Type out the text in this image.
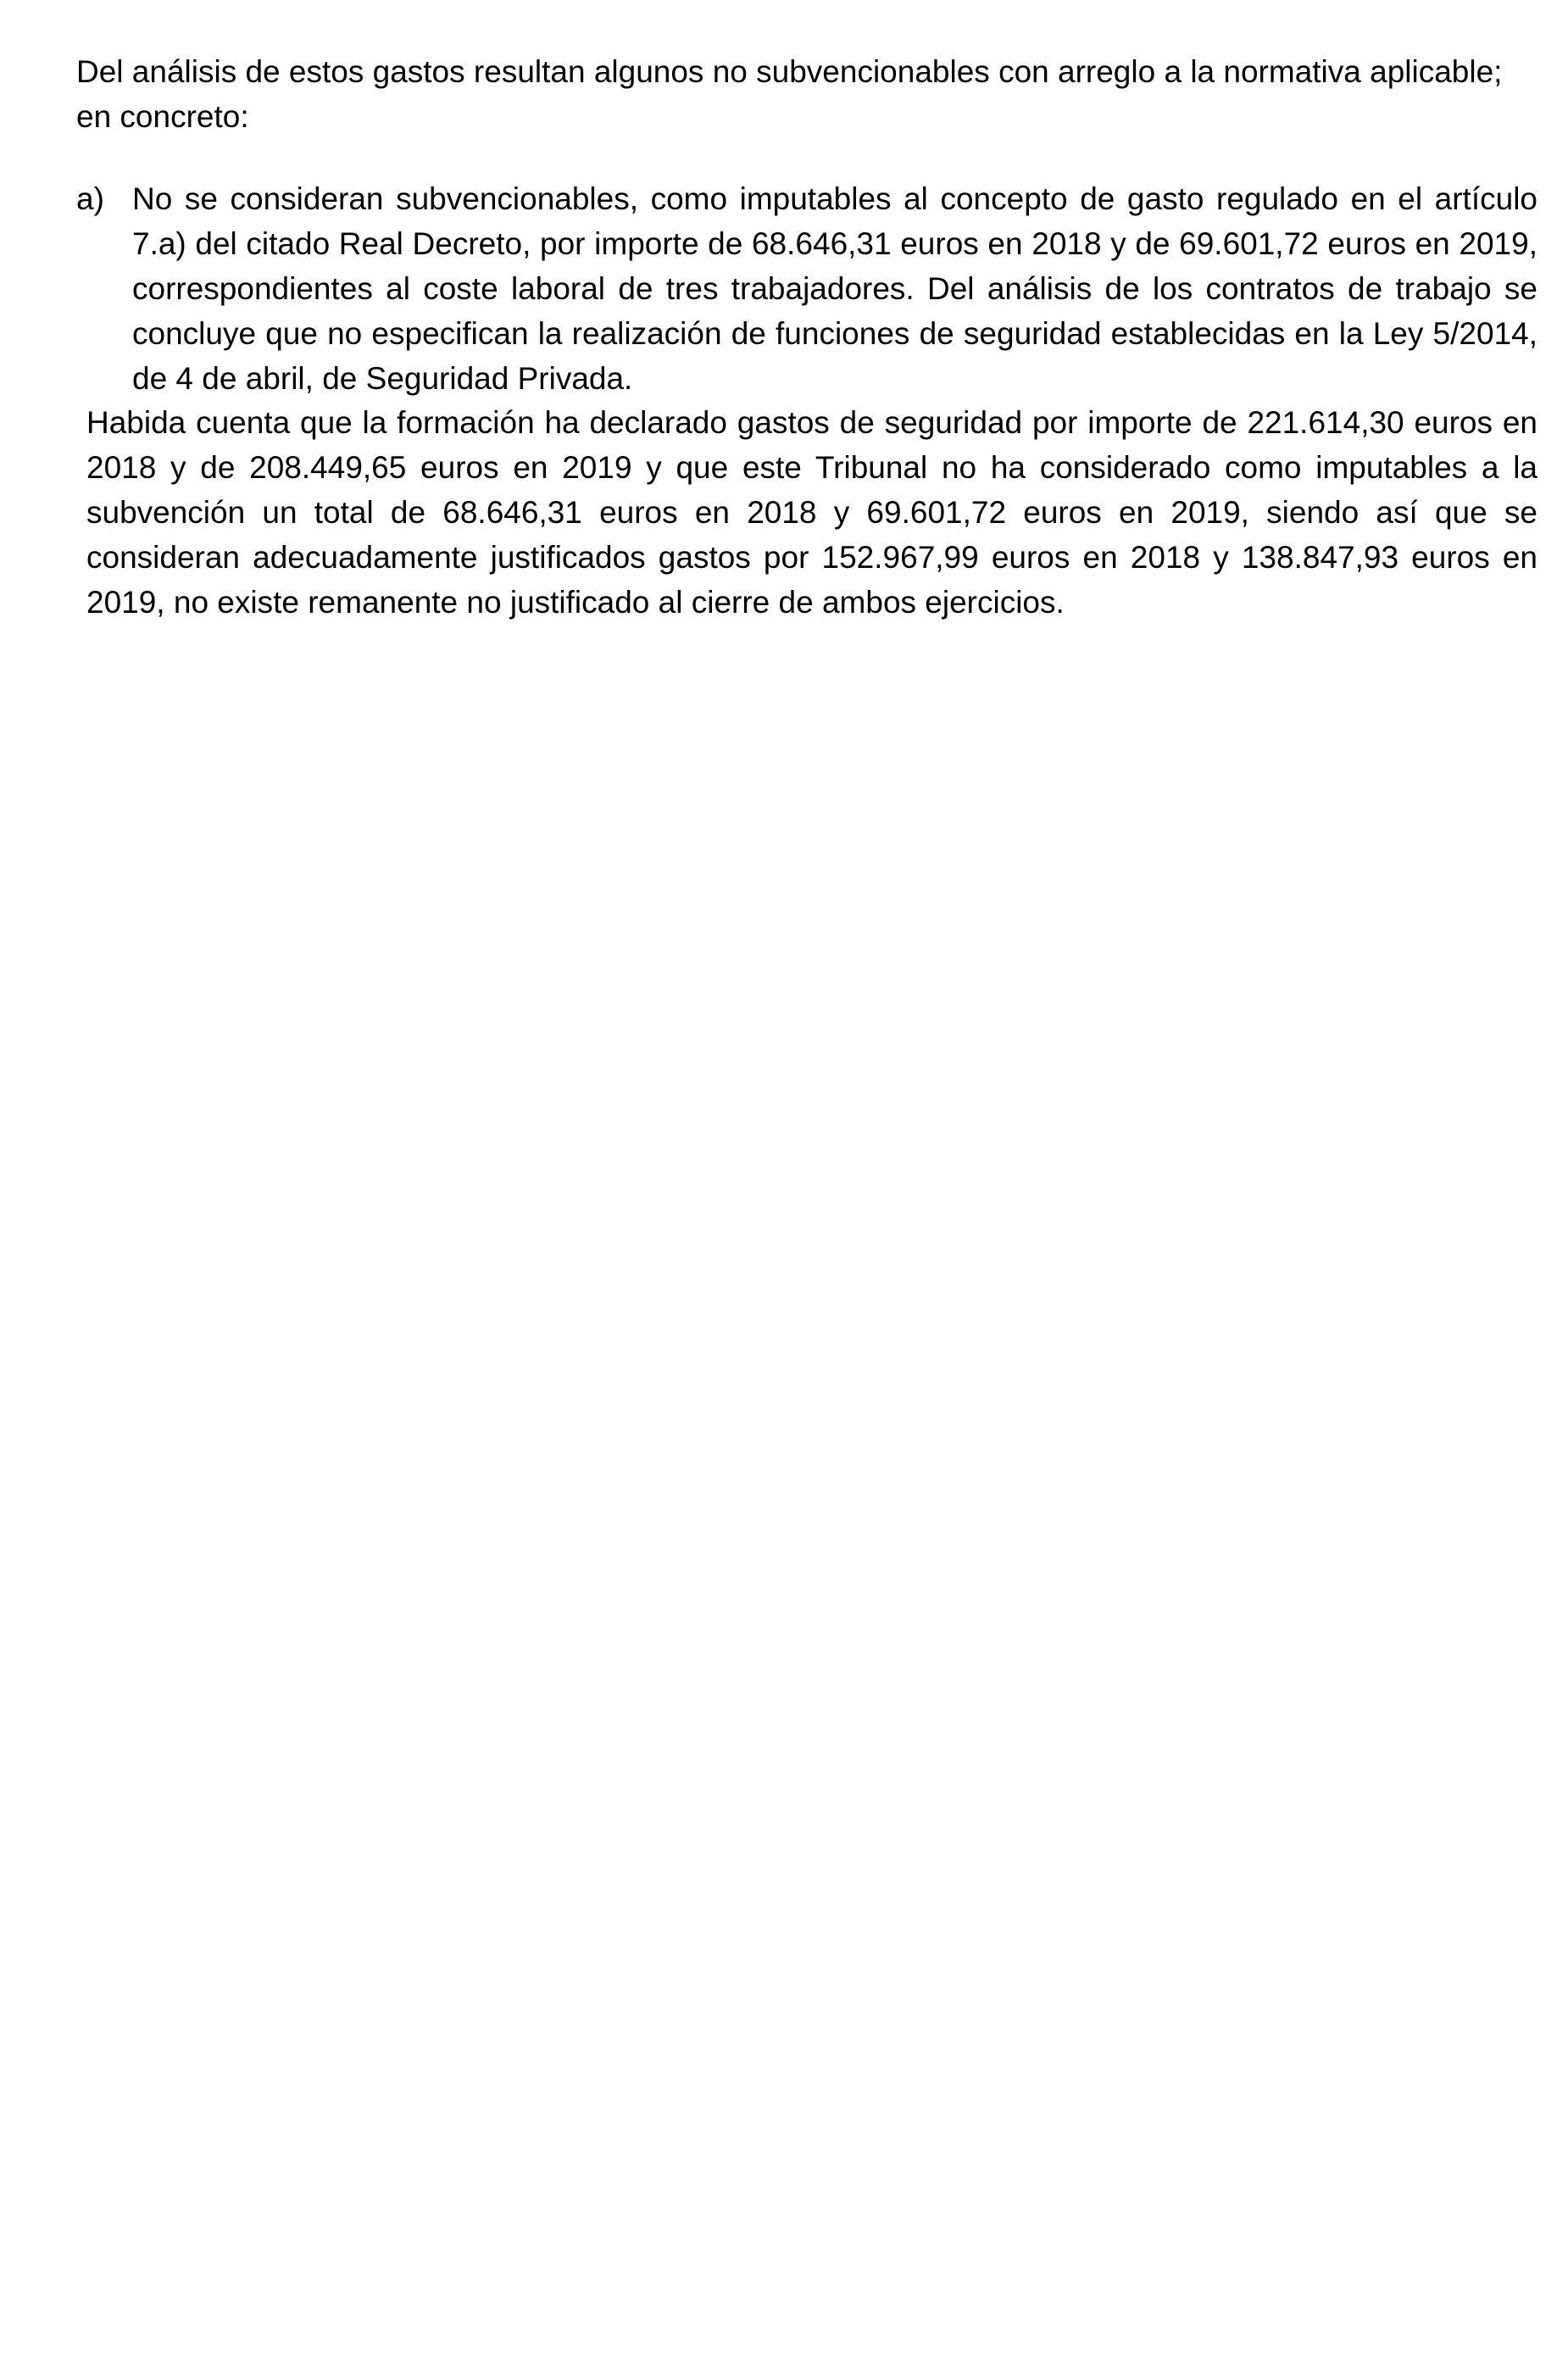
Del análisis de estos gastos resultan algunos no subvencionables con arreglo a la normativa aplicable; en concreto:

a) No se consideran subvencionables, como imputables al concepto de gasto regulado en el artículo 7.a) del citado Real Decreto, por importe de 68.646,31 euros en 2018 y de 69.601,72 euros en 2019, correspondientes al coste laboral de tres trabajadores. Del análisis de los contratos de trabajo se concluye que no especifican la realización de funciones de seguridad establecidas en la Ley 5/2014, de 4 de abril, de Seguridad Privada.

Habida cuenta que la formación ha declarado gastos de seguridad por importe de 221.614,30 euros en 2018 y de 208.449,65 euros en 2019 y que este Tribunal no ha considerado como imputables a la subvención un total de 68.646,31 euros en 2018 y 69.601,72 euros en 2019, siendo así que se consideran adecuadamente justificados gastos por 152.967,99 euros en 2018 y 138.847,93 euros en 2019, no existe remanente no justificado al cierre de ambos ejercicios.
